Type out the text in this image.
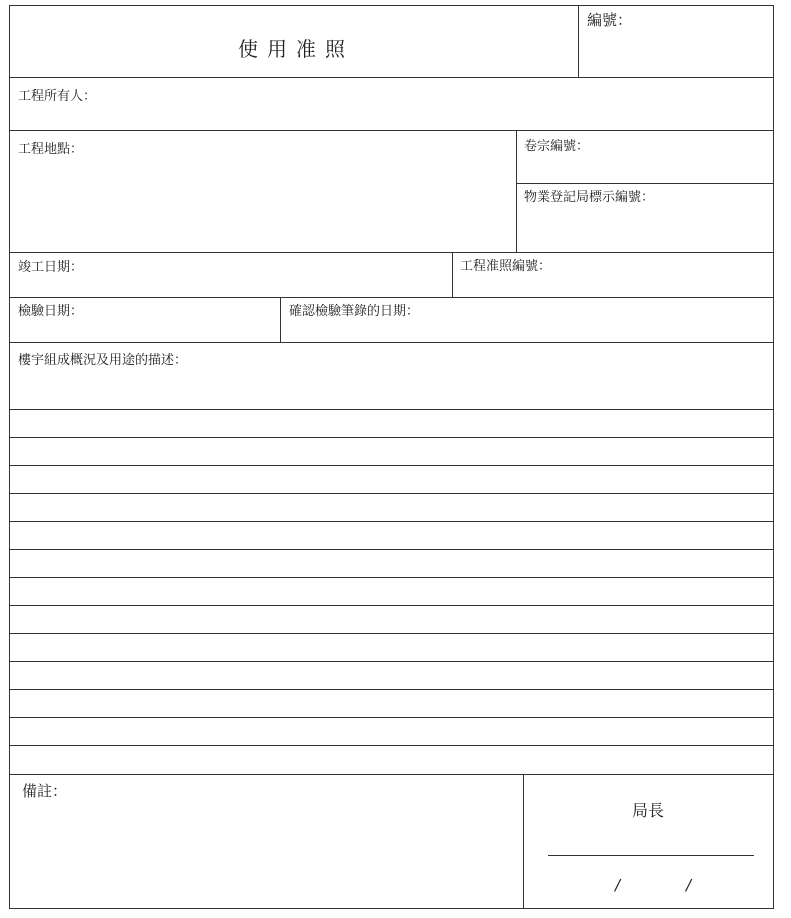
使用准照
編號：
工程所有人：
工程地點：	卷宗編號：
物業登記局標示編號：
竣工日期：	工程准照編號：
檢驗日期：	確認檢驗筆錄的日期：
樓宇組成概況及用途的描述：
備註：
局長
/	/
